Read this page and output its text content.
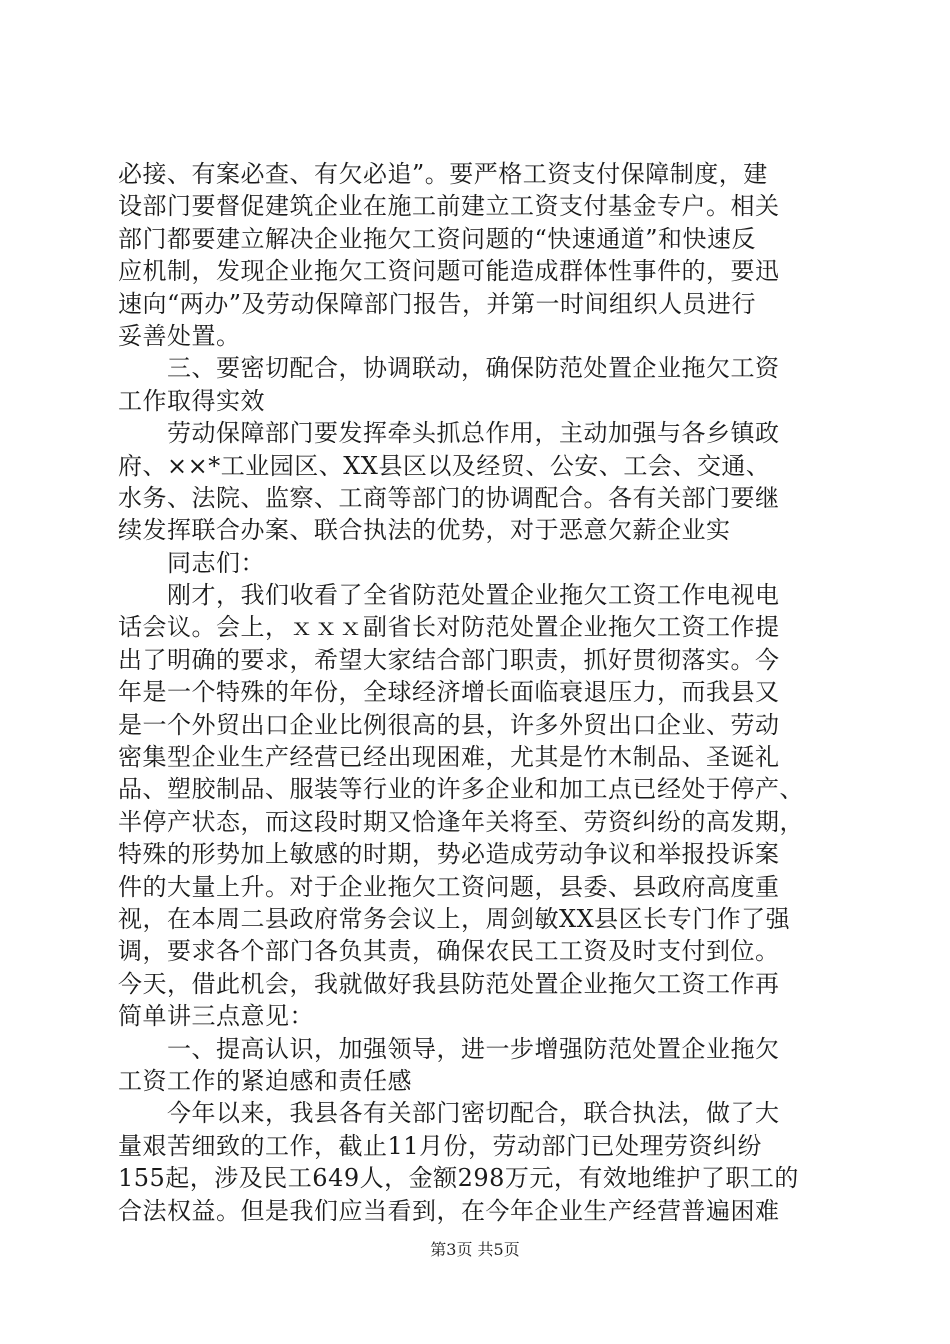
必接、有案必查、有欠必追”。要严格工资支付保障制度，建
设部门要督促建筑企业在施工前建立工资支付基金专户。相关
部门都要建立解决企业拖欠工资问题的“快速通道”和快速反
应机制，发现企业拖欠工资问题可能造成群体性事件的，要迅
速向“两办”及劳动保障部门报告，并第一时间组织人员进行
妥善处置。
　　三、要密切配合，协调联动，确保防范处置企业拖欠工资
工作取得实效
　　劳动保障部门要发挥牵头抓总作用，主动加强与各乡镇政
府、××*工业园区、XX县区以及经贸、公安、工会、交通、
水务、法院、监察、工商等部门的协调配合。各有关部门要继
续发挥联合办案、联合执法的优势，对于恶意欠薪企业实
　　同志们：
　　刚才，我们收看了全省防范处置企业拖欠工资工作电视电
话会议。会上，ｘｘｘ副省长对防范处置企业拖欠工资工作提
出了明确的要求，希望大家结合部门职责，抓好贯彻落实。今
年是一个特殊的年份，全球经济增长面临衰退压力，而我县又
是一个外贸出口企业比例很高的县，许多外贸出口企业、劳动
密集型企业生产经营已经出现困难，尤其是竹木制品、圣诞礼
品、塑胶制品、服装等行业的许多企业和加工点已经处于停产、
半停产状态，而这段时期又恰逢年关将至、劳资纠纷的高发期，
特殊的形势加上敏感的时期，势必造成劳动争议和举报投诉案
件的大量上升。对于企业拖欠工资问题，县委、县政府高度重
视，在本周二县政府常务会议上，周剑敏XX县区长专门作了强
调，要求各个部门各负其责，确保农民工工资及时支付到位。
今天，借此机会，我就做好我县防范处置企业拖欠工资工作再
简单讲三点意见：
　　一、提高认识，加强领导，进一步增强防范处置企业拖欠
工资工作的紧迫感和责任感
　　今年以来，我县各有关部门密切配合，联合执法，做了大
量艰苦细致的工作，截止11月份，劳动部门已处理劳资纠纷
155起，涉及民工649人，金额298万元，有效地维护了职工的
合法权益。但是我们应当看到，在今年企业生产经营普遍困难
第3页 共5页
